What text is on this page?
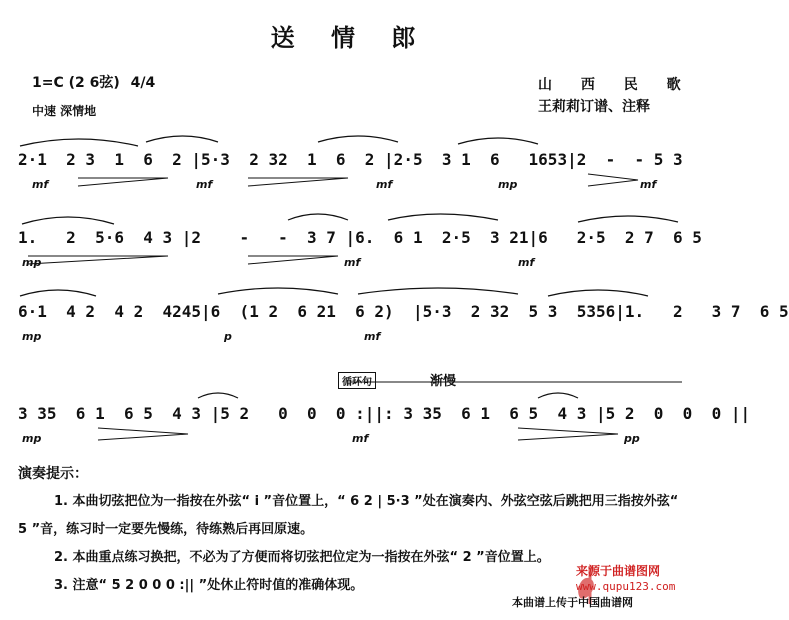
送 情 郎
1=C (2 6弦) 4/4
中速 深情地
山 西 民 歌
王莉莉订谱、注释
2·1  2 3  1  6  2 |5·3  2 32  1  6  2 |2·5  3 1  6   1653|2  -  - 5 3
mf	mf	mf	mp	mf
1.   2  5·6  4 3 |2    -   -  3 7 |6.  6 1  2·5  3 21|6   2·5  2 7  6 5
mp	mf	mf
6·1  4 2  4 2  4245|6  (1 2  6 21  6 2)  |5·3  2 32  5 3  5356|1.   2   3 7  6 5
mp	p	mf
循环句	渐慢
3 35  6 1  6 5  4 3 |5 2   0  0  0 :||: 3 35  6 1  6 5  4 3 |5 2  0  0  0 ||
mp	mf	pp

演奏提示：

1. 本曲切弦把位为一指按在外弦“ i ”音位置上，“ 6 2 | 5·3 ”处在演奏内、外弦空弦后跳把用三指按外弦“ 5 ”音，练习时一定要先慢练，待练熟后再回原速。

2. 本曲重点练习换把，不必为了方便而将切弦把位定为一指按在外弦“ 2 ”音位置上。

3. 注意“ 5 2 0 0 0 :|| ”处休止符时值的准确体现。

来源于曲谱图网
www.qupu123.com
本曲谱上传于中国曲谱网
